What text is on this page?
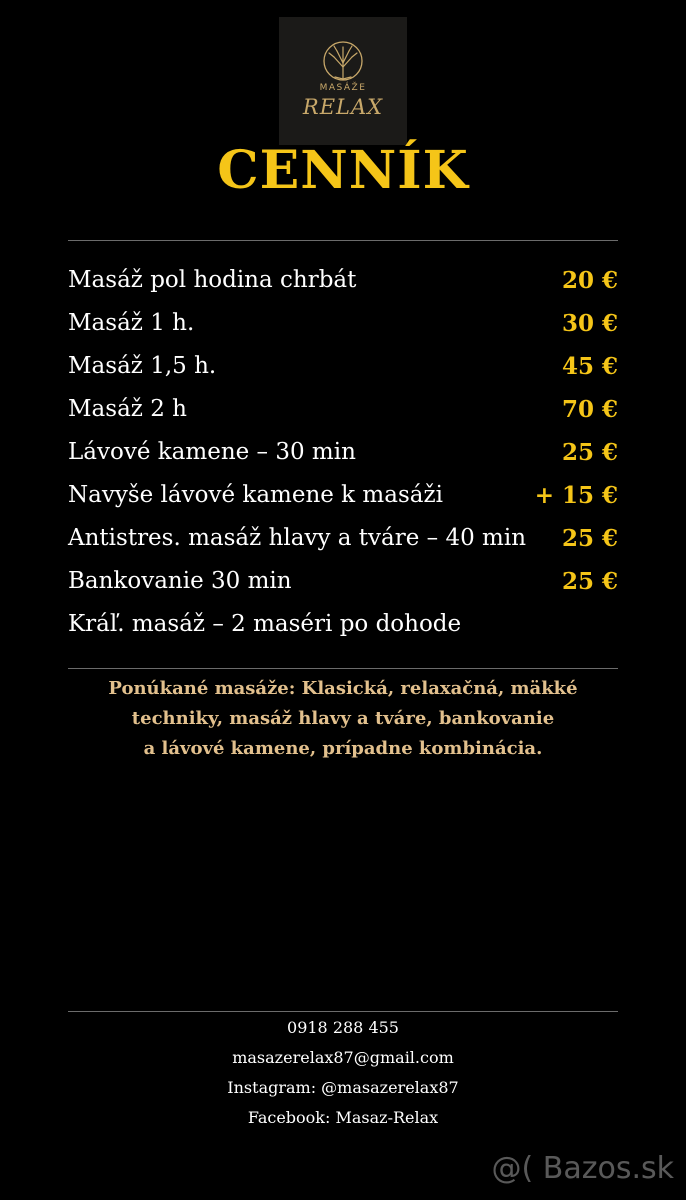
MASÁŽE
RELAX
CENNÍK
Masáž pol hodina chrbát	20 €
Masáž 1 h.	30 €
Masáž 1,5 h.	45 €
Masáž 2 h	70 €
Lávové kamene – 30 min	25 €
Navyše lávové kamene k masáži	+ 15 €
Antistres. masáž hlavy a tváre – 40 min 25 €
Bankovanie 30 min	25 €
Kráľ. masáž – 2 maséri po dohode
Ponúkané masáže: Klasická, relaxačná, mäkké
techniky, masáž hlavy a tváre, bankovanie
a lávové kamene, prípadne kombinácia.
0918 288 455
masazerelax87@gmail.com
Instagram: @masazerelax87
Facebook: Masaz-Relax
@( Bazos.sk
